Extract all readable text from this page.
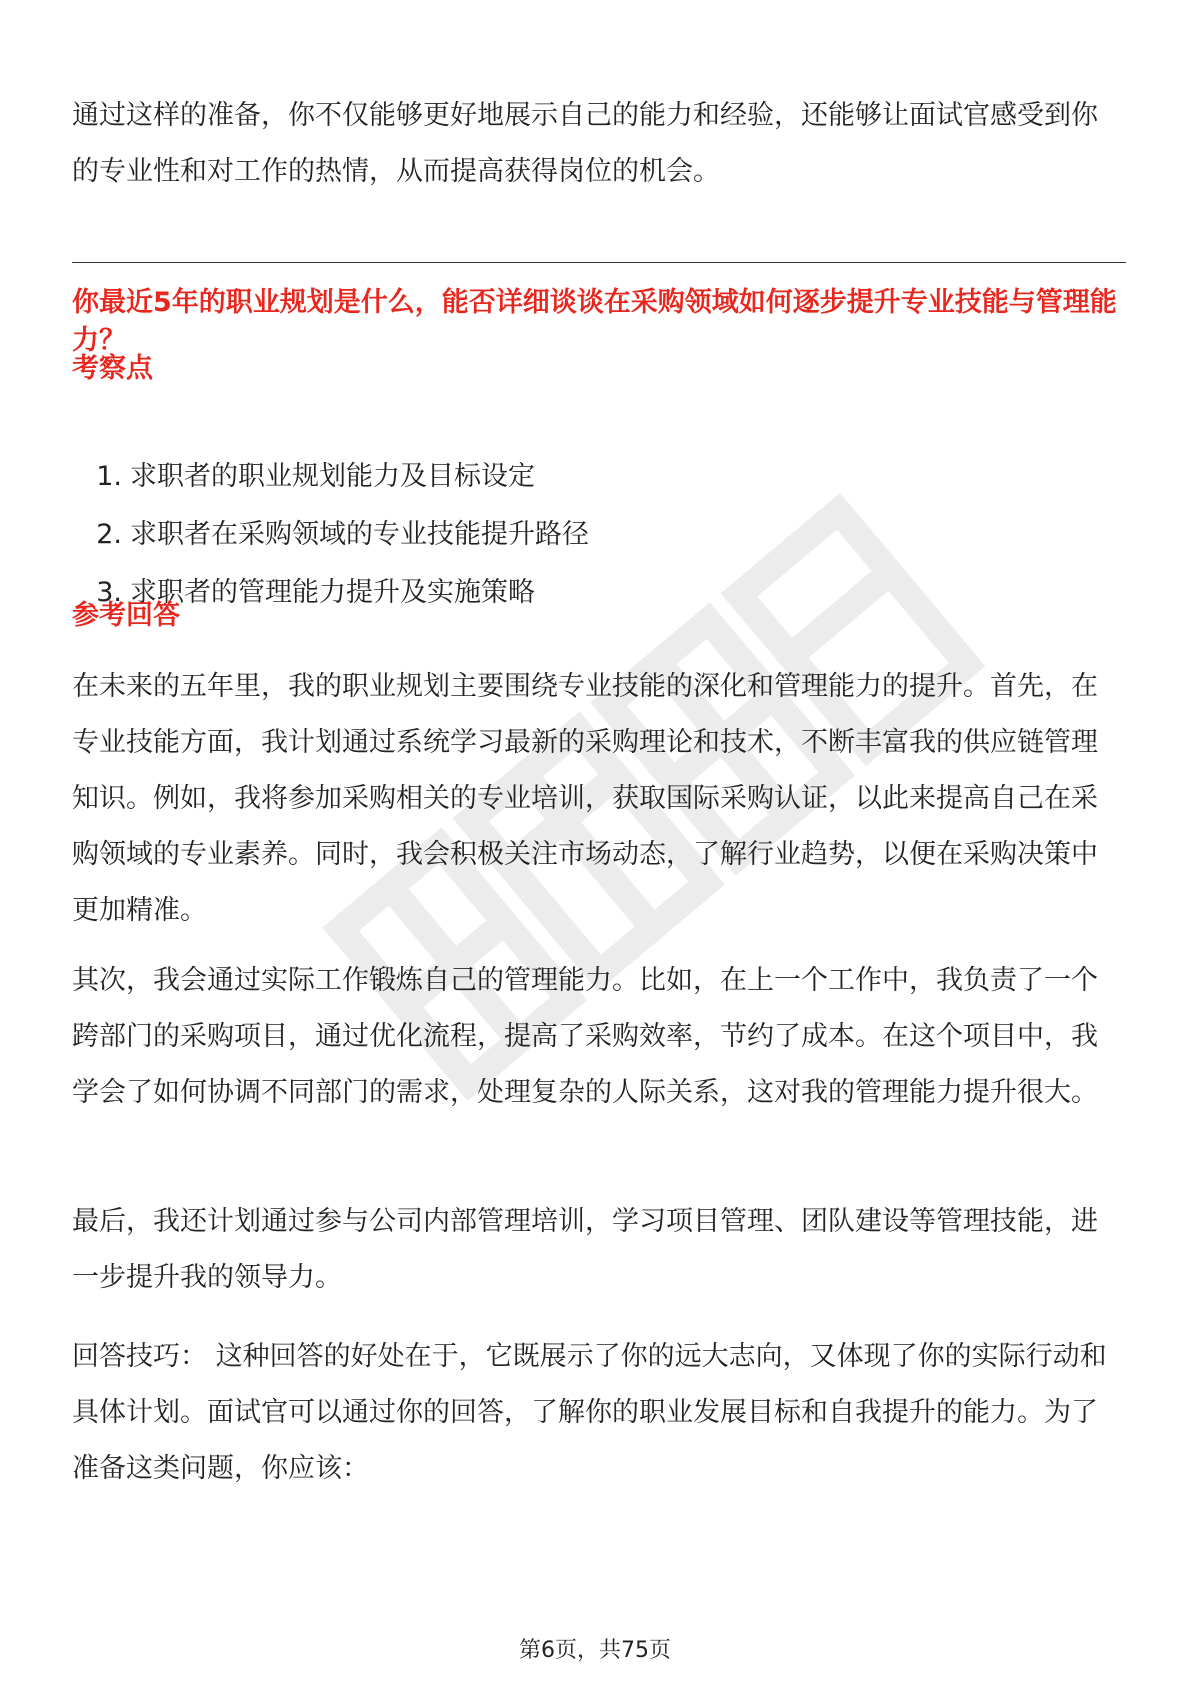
通过这样的准备，你不仅能够更好地展示自己的能力和经验，还能够让面试官感受到你的专业性和对工作的热情，从而提高获得岗位的机会。

你最近5年的职业规划是什么，能否详细谈谈在采购领域如何逐步提升专业技能与管理能力？

考察点

1. 求职者的职业规划能力及目标设定
2. 求职者在采购领域的专业技能提升路径
3. 求职者的管理能力提升及实施策略

参考回答

在未来的五年里，我的职业规划主要围绕专业技能的深化和管理能力的提升。首先，在专业技能方面，我计划通过系统学习最新的采购理论和技术，不断丰富我的供应链管理知识。例如，我将参加采购相关的专业培训，获取国际采购认证，以此来提高自己在采购领域的专业素养。同时，我会积极关注市场动态，了解行业趋势，以便在采购决策中更加精准。

其次，我会通过实际工作锻炼自己的管理能力。比如，在上一个工作中，我负责了一个跨部门的采购项目，通过优化流程，提高了采购效率，节约了成本。在这个项目中，我学会了如何协调不同部门的需求，处理复杂的人际关系，这对我的管理能力提升很大。

最后，我还计划通过参与公司内部管理培训，学习项目管理、团队建设等管理技能，进一步提升我的领导力。

回答技巧： 这种回答的好处在于，它既展示了你的远大志向，又体现了你的实际行动和具体计划。面试官可以通过你的回答，了解你的职业发展目标和自我提升的能力。为了准备这类问题，你应该：

第6页，共75页
